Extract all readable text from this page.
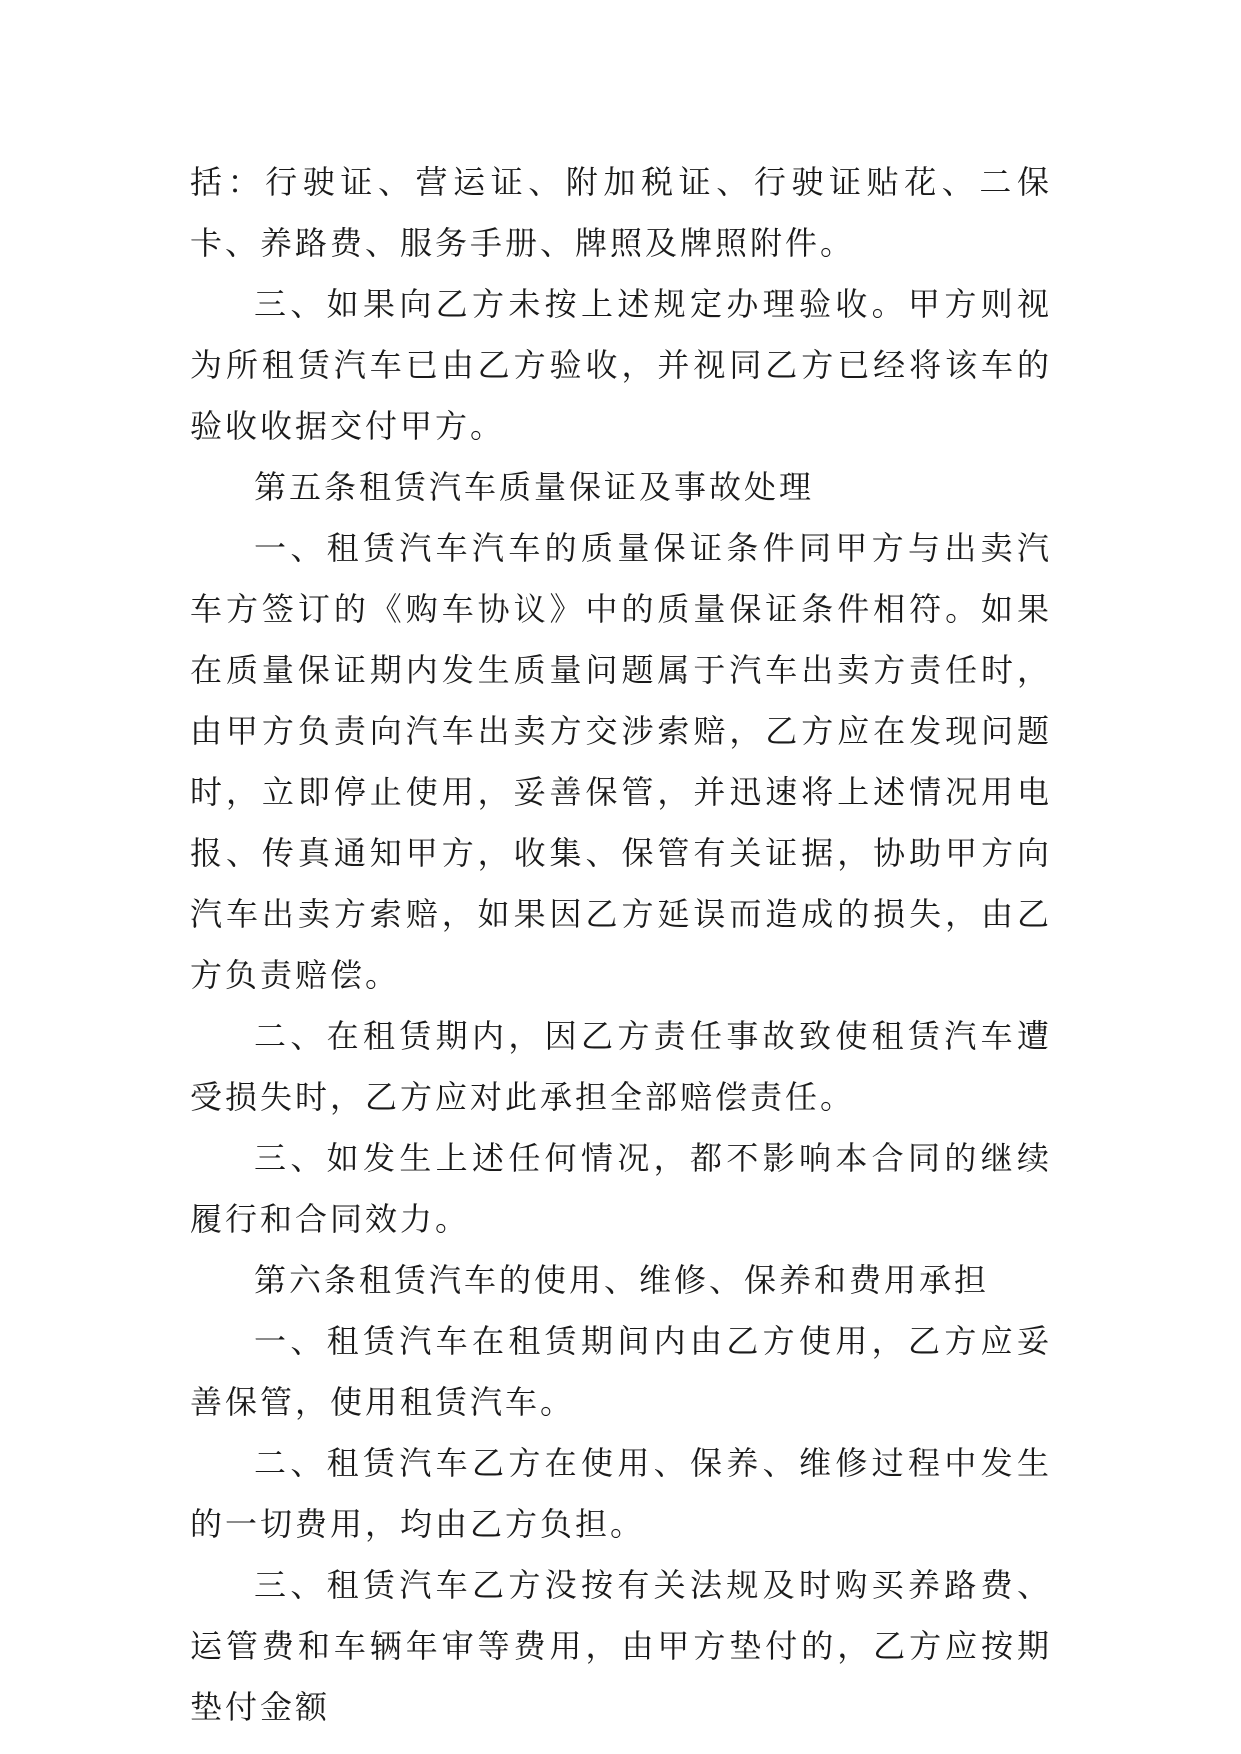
括：行驶证、营运证、附加税证、行驶证贴花、二保卡、养路费、服务手册、牌照及牌照附件。

三、如果向乙方未按上述规定办理验收。甲方则视为所租赁汽车已由乙方验收，并视同乙方已经将该车的验收收据交付甲方。

第五条租赁汽车质量保证及事故处理

一、租赁汽车汽车的质量保证条件同甲方与出卖汽车方签订的《购车协议》中的质量保证条件相符。如果在质量保证期内发生质量问题属于汽车出卖方责任时，由甲方负责向汽车出卖方交涉索赔，乙方应在发现问题时，立即停止使用，妥善保管，并迅速将上述情况用电报、传真通知甲方，收集、保管有关证据，协助甲方向汽车出卖方索赔，如果因乙方延误而造成的损失，由乙方负责赔偿。

二、在租赁期内，因乙方责任事故致使租赁汽车遭受损失时，乙方应对此承担全部赔偿责任。

三、如发生上述任何情况，都不影响本合同的继续履行和合同效力。

第六条租赁汽车的使用、维修、保养和费用承担

一、租赁汽车在租赁期间内由乙方使用，乙方应妥善保管，使用租赁汽车。

二、租赁汽车乙方在使用、保养、维修过程中发生的一切费用，均由乙方负担。

三、租赁汽车乙方没按有关法规及时购买养路费、运管费和车辆年审等费用，由甲方垫付的，乙方应按期垫付金额
